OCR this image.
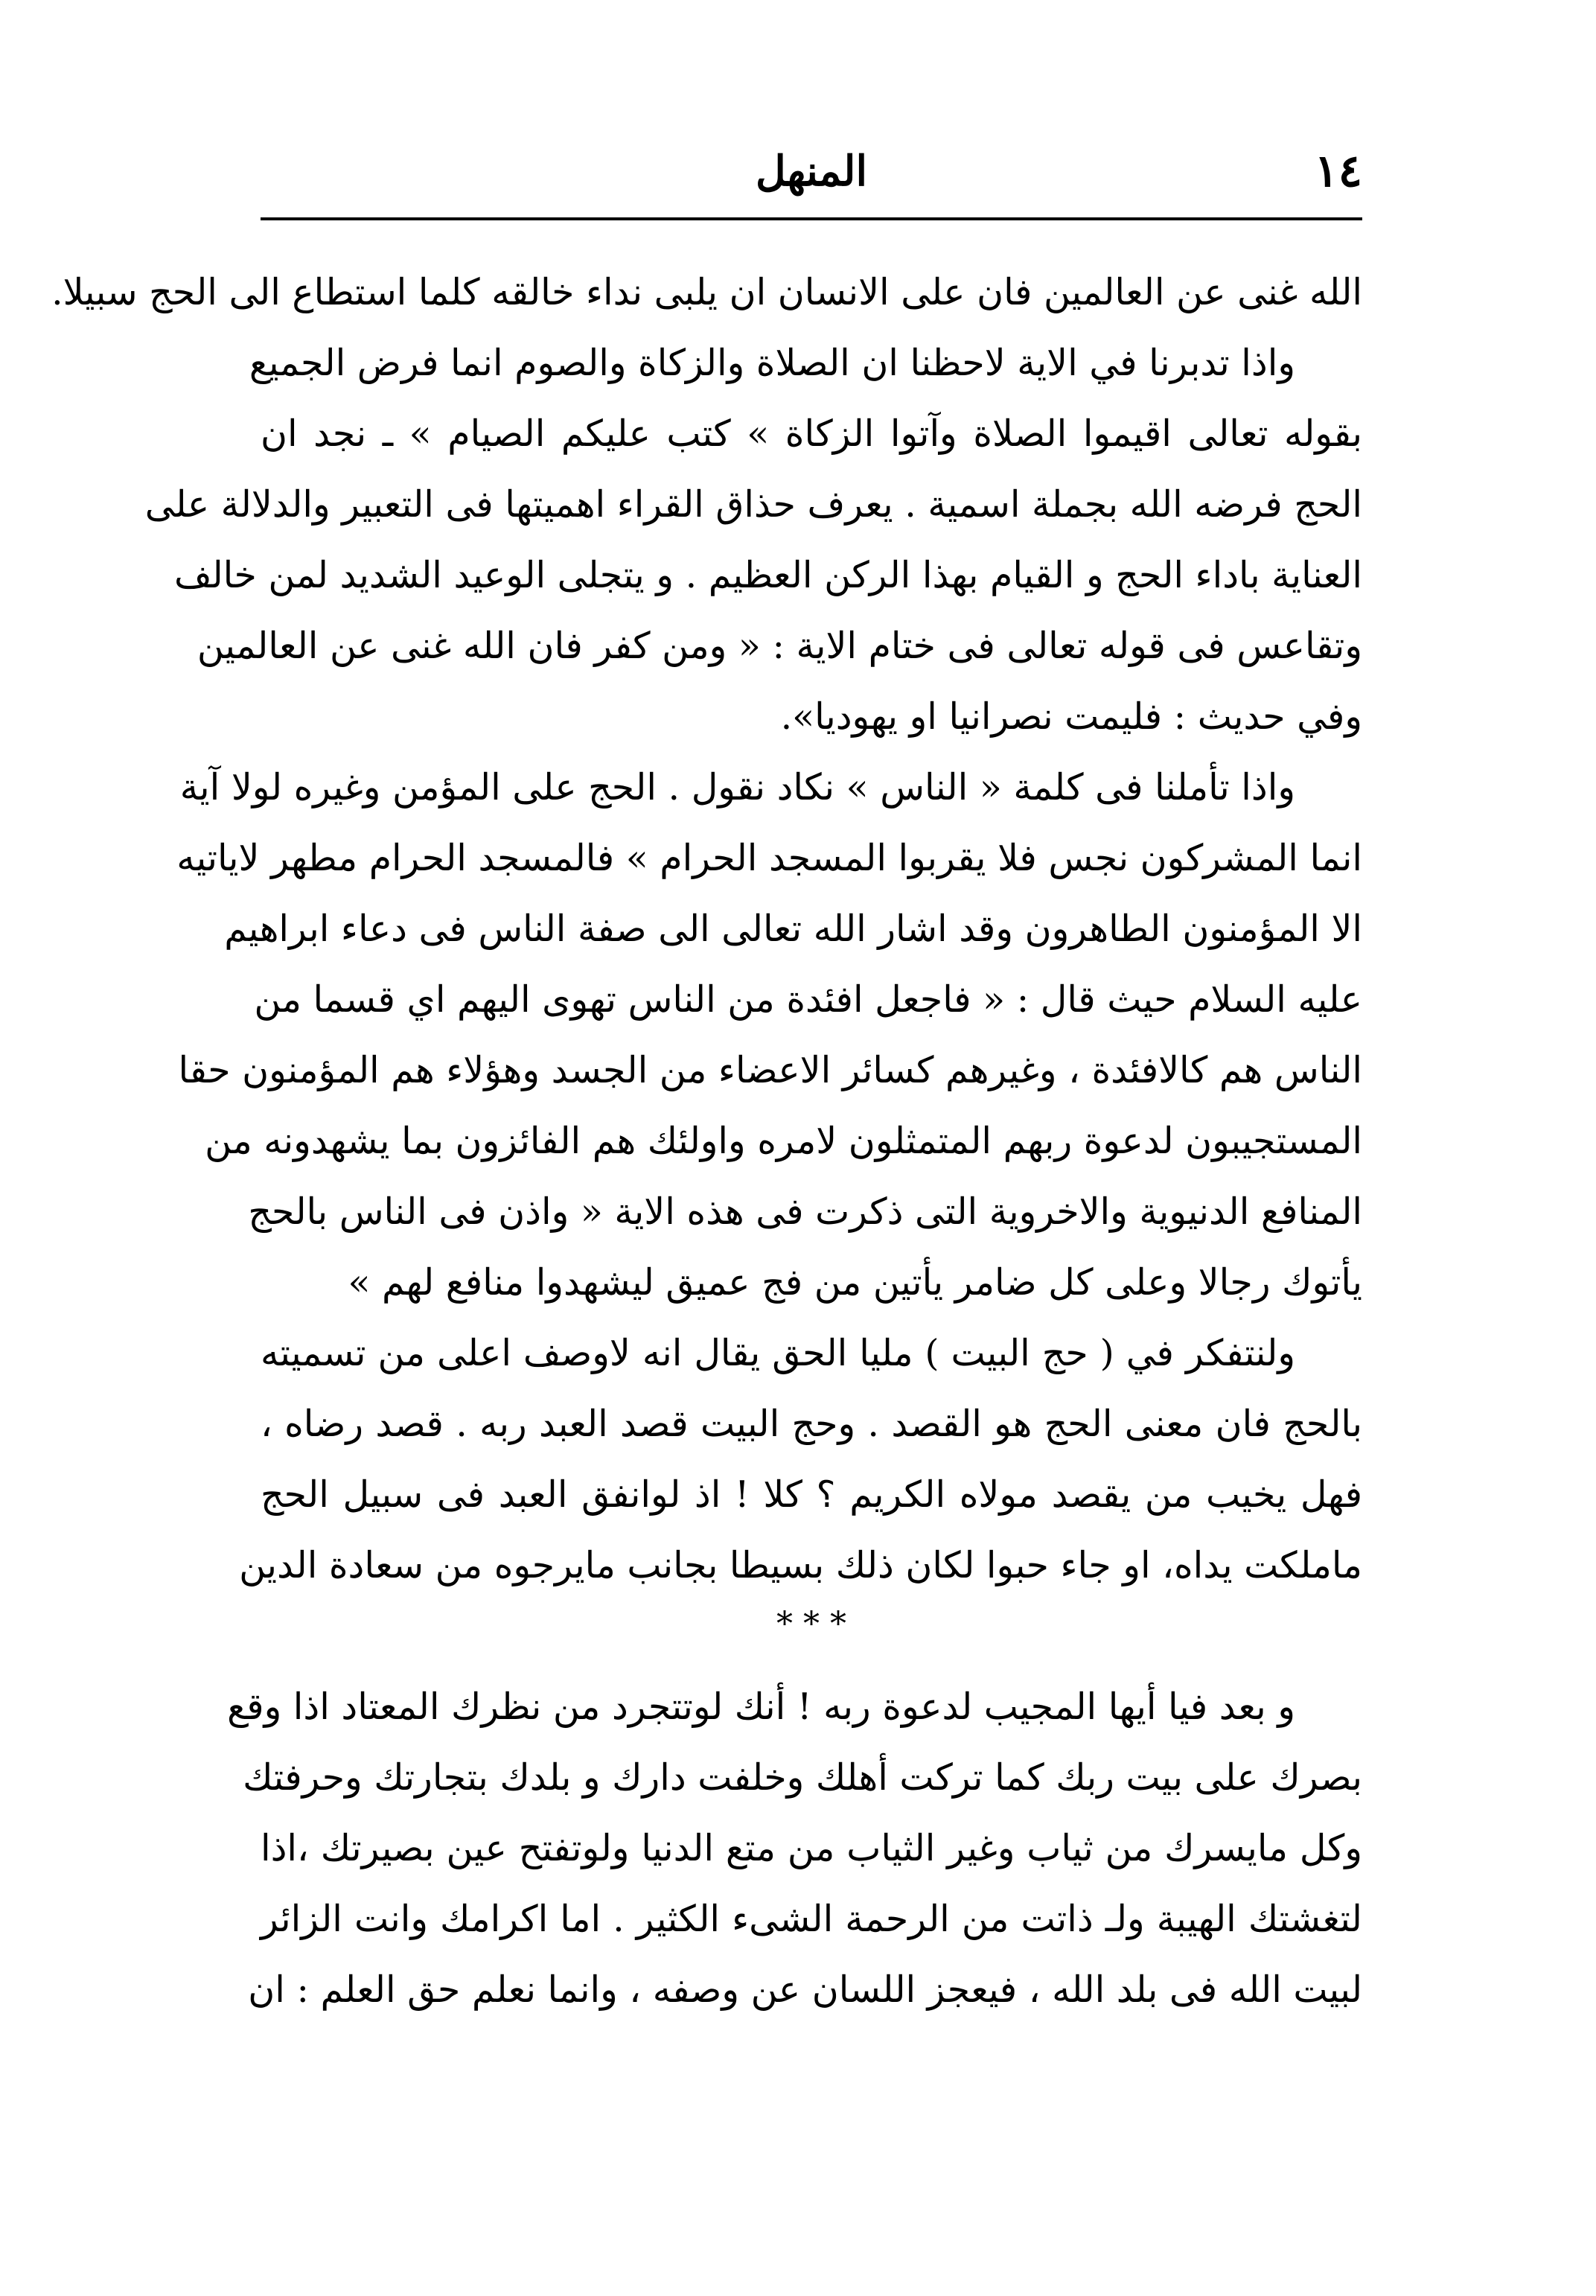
١٤
المنهل
الله غنى عن العالمين فان على الانسان ان يلبى نداء خالقه كلما استطاع الى الحج سبيلا.
واذا تدبرنا في الاية لاحظنا ان الصلاة والزكاة والصوم انما فرض الجميع
بقوله تعالى اقيموا الصلاة وآتوا الزكاة » كتب عليكم الصيام » ـ نجد ان
الحج فرضه الله بجملة اسمية . يعرف حذاق القراء اهميتها فى التعبير والدلالة على
العناية باداء الحج و القيام بهذا الركن العظيم . و يتجلى الوعيد الشديد لمن خالف
وتقاعس فى قوله تعالى فى ختام الاية : « ومن كفر فان الله غنى عن العالمين
وفي حديث : فليمت نصرانيا او يهوديا».
واذا تأملنا فى كلمة « الناس » نكاد نقول . الحج على المؤمن وغيره لولا آية
انما المشركون نجس فلا يقربوا المسجد الحرام » فالمسجد الحرام مطهر لاياتيه
الا المؤمنون الطاهرون وقد اشار الله تعالى الى صفة الناس فى دعاء ابراهيم
عليه السلام حيث قال : « فاجعل افئدة من الناس تهوى اليهم اي قسما من
الناس هم كالافئدة ، وغيرهم كسائر الاعضاء من الجسد وهؤلاء هم المؤمنون حقا
المستجيبون لدعوة ربهم المتمثلون لامره واولئك هم الفائزون بما يشهدونه من
المنافع الدنيوية والاخروية التى ذكرت فى هذه الاية « واذن فى الناس بالحج
يأتوك رجالا وعلى كل ضامر يأتين من فج عميق ليشهدوا منافع لهم »
ولنتفكر في ( حج البيت ) مليا الحق يقال انه لاوصف اعلى من تسميته
بالحج فان معنى الحج هو القصد . وحج البيت قصد العبد ربه . قصد رضاه ،
فهل يخيب من يقصد مولاه الكريم ؟ كلا ! اذ لوانفق العبد فى سبيل الحج
ماملكت يداه، او جاء حبوا لكان ذلك بسيطا بجانب مايرجوه من سعادة الدين
* * *
و بعد فيا أيها المجيب لدعوة ربه ! أنك لوتتجرد من نظرك المعتاد اذا وقع
بصرك على بيت ربك كما تركت أهلك وخلفت دارك و بلدك بتجارتك وحرفتك
وكل مايسرك من ثياب وغير الثياب من متع الدنيا ولوتفتح عين بصيرتك ،اذا
لتغشتك الهيبة ولـ ذاتت من الرحمة الشىء الكثير . اما اكرامك وانت الزائر
لبيت الله فى بلد الله ، فيعجز اللسان عن وصفه ، وانما نعلم حق العلم : ان
